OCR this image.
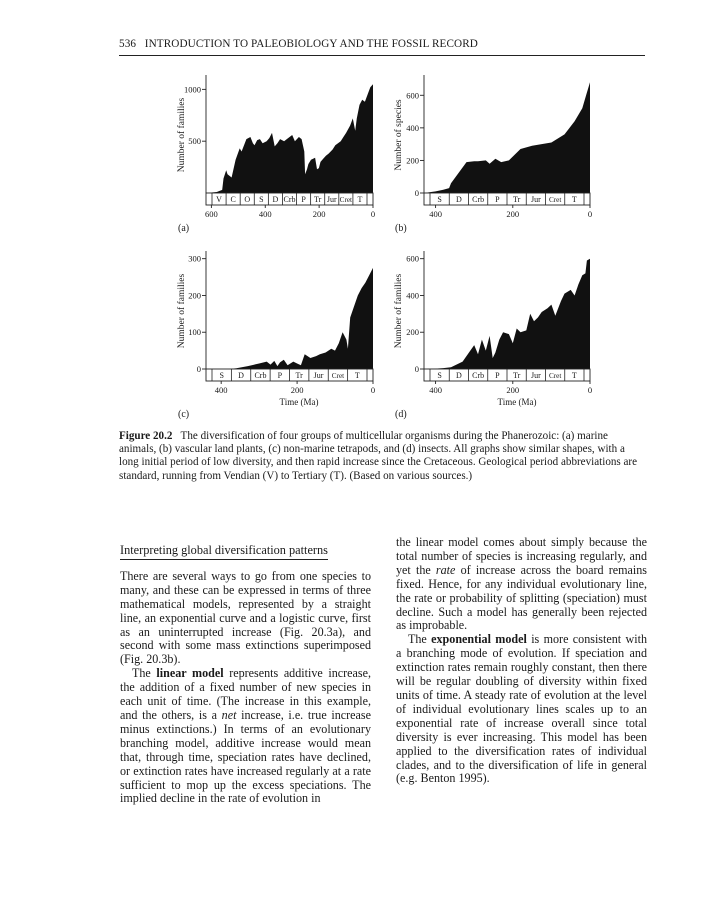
536 INTRODUCTION TO PALEOBIOLOGY AND THE FOSSIL RECORD
500
1000
V C O S D Crb P Tr Jur Cret T
600	400	200	0
Number of families
(a)
0
200
400
600
S D Crb P Tr Jur Cret T
400	200	0
Number of species
(b)
0
100
200
300
S D Crb P Tr Jur Cret T
400	200	0
Time (Ma)
Number of families
(c)
0
200
400
600
S D Crb P Tr Jur Cret T
400	200	0
Time (Ma)
Number of families
(d)
Figure 20.2 The diversification of four groups of multicellular organisms during the Phanerozoic: (a) marine animals, (b) vascular land plants, (c) non-marine tetrapods, and (d) insects. All graphs show similar shapes, with a long initial period of low diversity, and then rapid increase since the Cretaceous. Geological period abbreviations are standard, running from Vendian (V) to Tertiary (T). (Based on various sources.)
Interpreting global diversification patterns

There are several ways to go from one species to many, and these can be expressed in terms of three mathematical models, represented by a straight line, an exponential curve and a logistic curve, first as an uninterrupted increase (Fig. 20.3a), and second with some mass extinctions superimposed (Fig. 20.3b).

The linear model represents additive increase, the addition of a fixed number of new species in each unit of time. (The increase in this example, and the others, is a net increase, i.e. true increase minus extinctions.) In terms of an evolutionary branching model, additive increase would mean that, through time, speciation rates have declined, or extinction rates have increased regularly at a rate sufficient to mop up the excess speciations. The implied decline in the rate of evolution in

the linear model comes about simply because the total number of species is increasing regularly, and yet the rate of increase across the board remains fixed. Hence, for any individual evolutionary line, the rate or probability of splitting (speciation) must decline. Such a model has generally been rejected as improbable.

The exponential model is more consistent with a branching mode of evolution. If speciation and extinction rates remain roughly constant, then there will be regular doubling of diversity within fixed units of time. A steady rate of evolution at the level of individual evolutionary lines scales up to an exponential rate of increase overall since total diversity is ever increasing. This model has been applied to the diversification rates of individual clades, and to the diversification of life in general (e.g. Benton 1995).
